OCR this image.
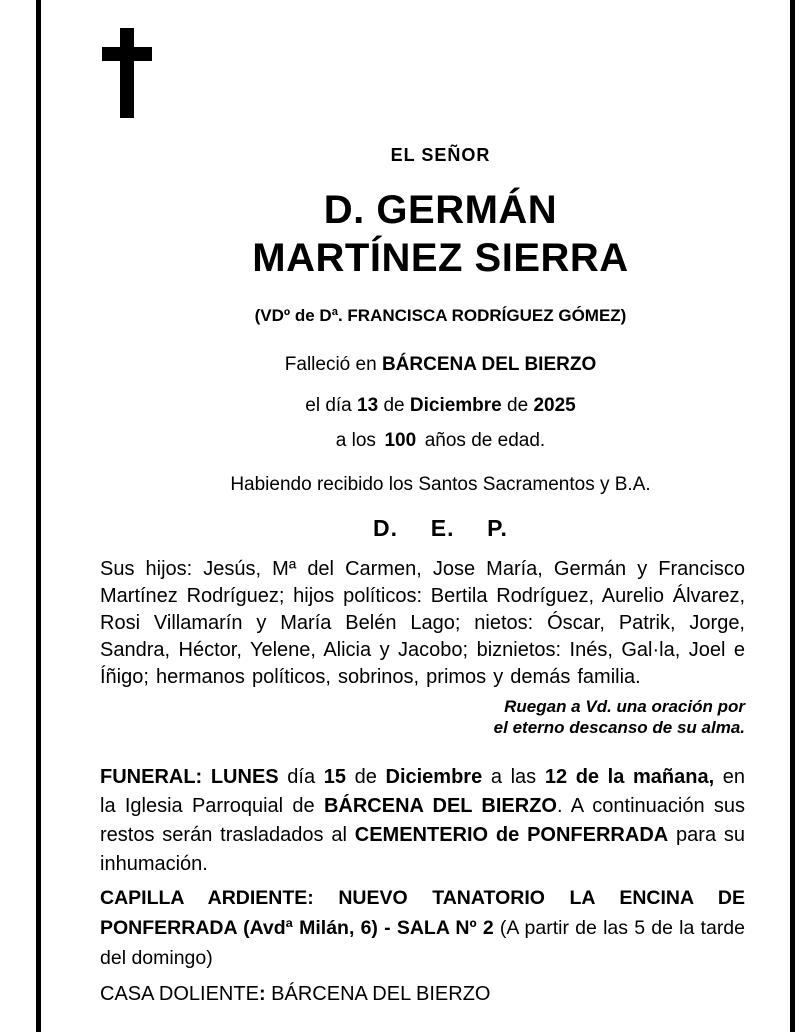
EL SEÑOR
D. GERMÁN
MARTÍNEZ SIERRA
(VDº de Dª. FRANCISCA RODRÍGUEZ GÓMEZ)
Falleció en BÁRCENA DEL BIERZO
el día 13 de Diciembre de 2025
a los 100 años de edad.
Habiendo recibido los Santos Sacramentos y B.A.
D. E. P.

Sus hijos: Jesús, Mª del Carmen, Jose María, Germán y Francisco Martínez Rodríguez; hijos políticos: Bertila Rodríguez, Aurelio Álvarez, Rosi Villamarín y María Belén Lago; nietos: Óscar, Patrik, Jorge, Sandra, Héctor, Yelene, Alicia y Jacobo; biznietos: Inés, Gal·la, Joel e Íñigo; hermanos políticos, sobrinos, primos y demás familia.

Ruegan a Vd. una oración por
el eterno descanso de su alma.

FUNERAL: LUNES día 15 de Diciembre a las 12 de la mañana, en la Iglesia Parroquial de BÁRCENA DEL BIERZO. A continuación sus restos serán trasladados al CEMENTERIO de PONFERRADA para su inhumación.

CAPILLA ARDIENTE: NUEVO TANATORIO LA ENCINA DE PONFERRADA (Avdª Milán, 6) - SALA Nº 2 (A partir de las 5 de la tarde del domingo)

CASA DOLIENTE: BÁRCENA DEL BIERZO
